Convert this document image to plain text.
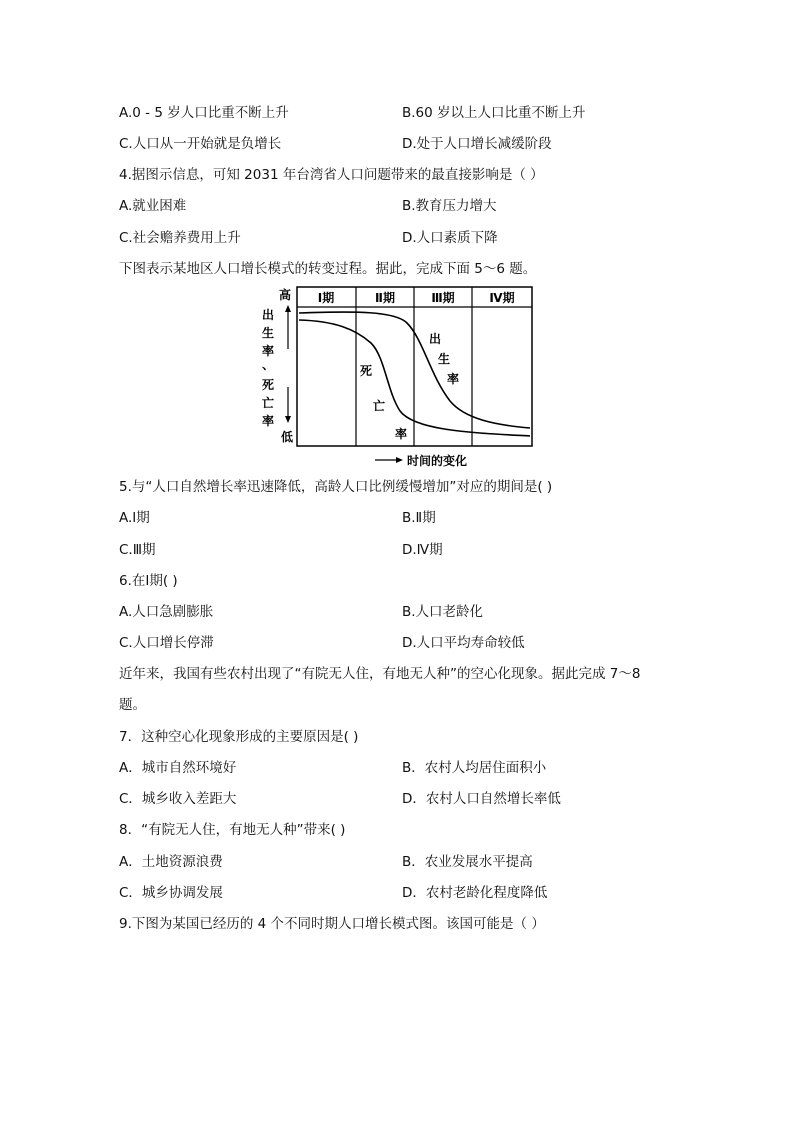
A.0 - 5 岁人口比重不断上升	B.60 岁以上人口比重不断上升
C.人口从一开始就是负增长	D.处于人口增长减缓阶段
4.据图示信息，可知 2031 年台湾省人口问题带来的最直接影响是（ ）
A.就业困难	B.教育压力增大
C.社会赡养费用上升	D.人口素质下降
下图表示某地区人口增长模式的转变过程。据此，完成下面 5～6 题。
Ⅰ期	Ⅱ期	Ⅲ期	Ⅳ期
高
低
出
生
率
、
死
亡
率
死
亡
率
出
生
率
时间的变化
5.与“人口自然增长率迅速降低，高龄人口比例缓慢增加”对应的期间是( )
A.Ⅰ期	B.Ⅱ期
C.Ⅲ期	D.Ⅳ期
6.在Ⅰ期( )
A.人口急剧膨胀	B.人口老龄化
C.人口增长停滞	D.人口平均寿命较低
近年来，我国有些农村出现了“有院无人住，有地无人种”的空心化现象。据此完成 7～8
题。
7．这种空心化现象形成的主要原因是( )
A．城市自然环境好	B．农村人均居住面积小
C．城乡收入差距大	D．农村人口自然增长率低
8．“有院无人住，有地无人种”带来( )
A．土地资源浪费	B．农业发展水平提高
C．城乡协调发展	D．农村老龄化程度降低
9.下图为某国已经历的 4 个不同时期人口增长模式图。该国可能是（ ）
